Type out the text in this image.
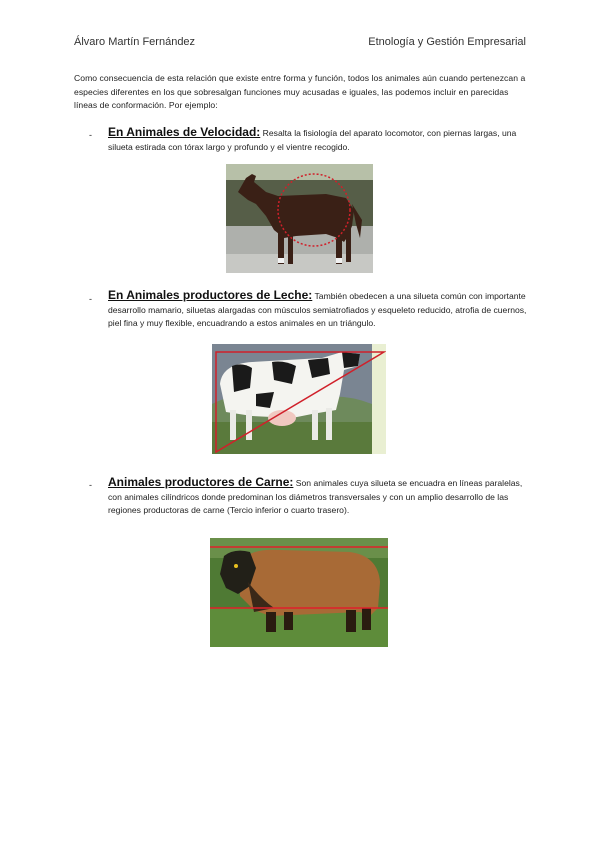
Álvaro Martín Fernández	Etnología y Gestión Empresarial
Como consecuencia de esta relación que existe entre forma y función, todos los animales aún cuando pertenezcan a especies diferentes en los que sobresalgan funciones muy acusadas e iguales, las podemos incluir en parecidas líneas de conformación. Por ejemplo:
- En Animales de Velocidad: Resalta la fisiología del aparato locomotor, con piernas largas, una silueta estirada con tórax largo y profundo y el vientre recogido.
- En Animales productores de Leche: También obedecen a una silueta común con importante desarrollo mamario, siluetas alargadas con músculos semiatrofiados y esqueleto reducido, atrofia de cuernos, piel fina y muy flexible, encuadrando a estos animales en un triángulo.
- Animales productores de Carne: Son animales cuya silueta se encuadra en líneas paralelas, con animales cilíndricos donde predominan los diámetros transversales y con un amplio desarrollo de las regiones productoras de carne (Tercio inferior o cuarto trasero).
